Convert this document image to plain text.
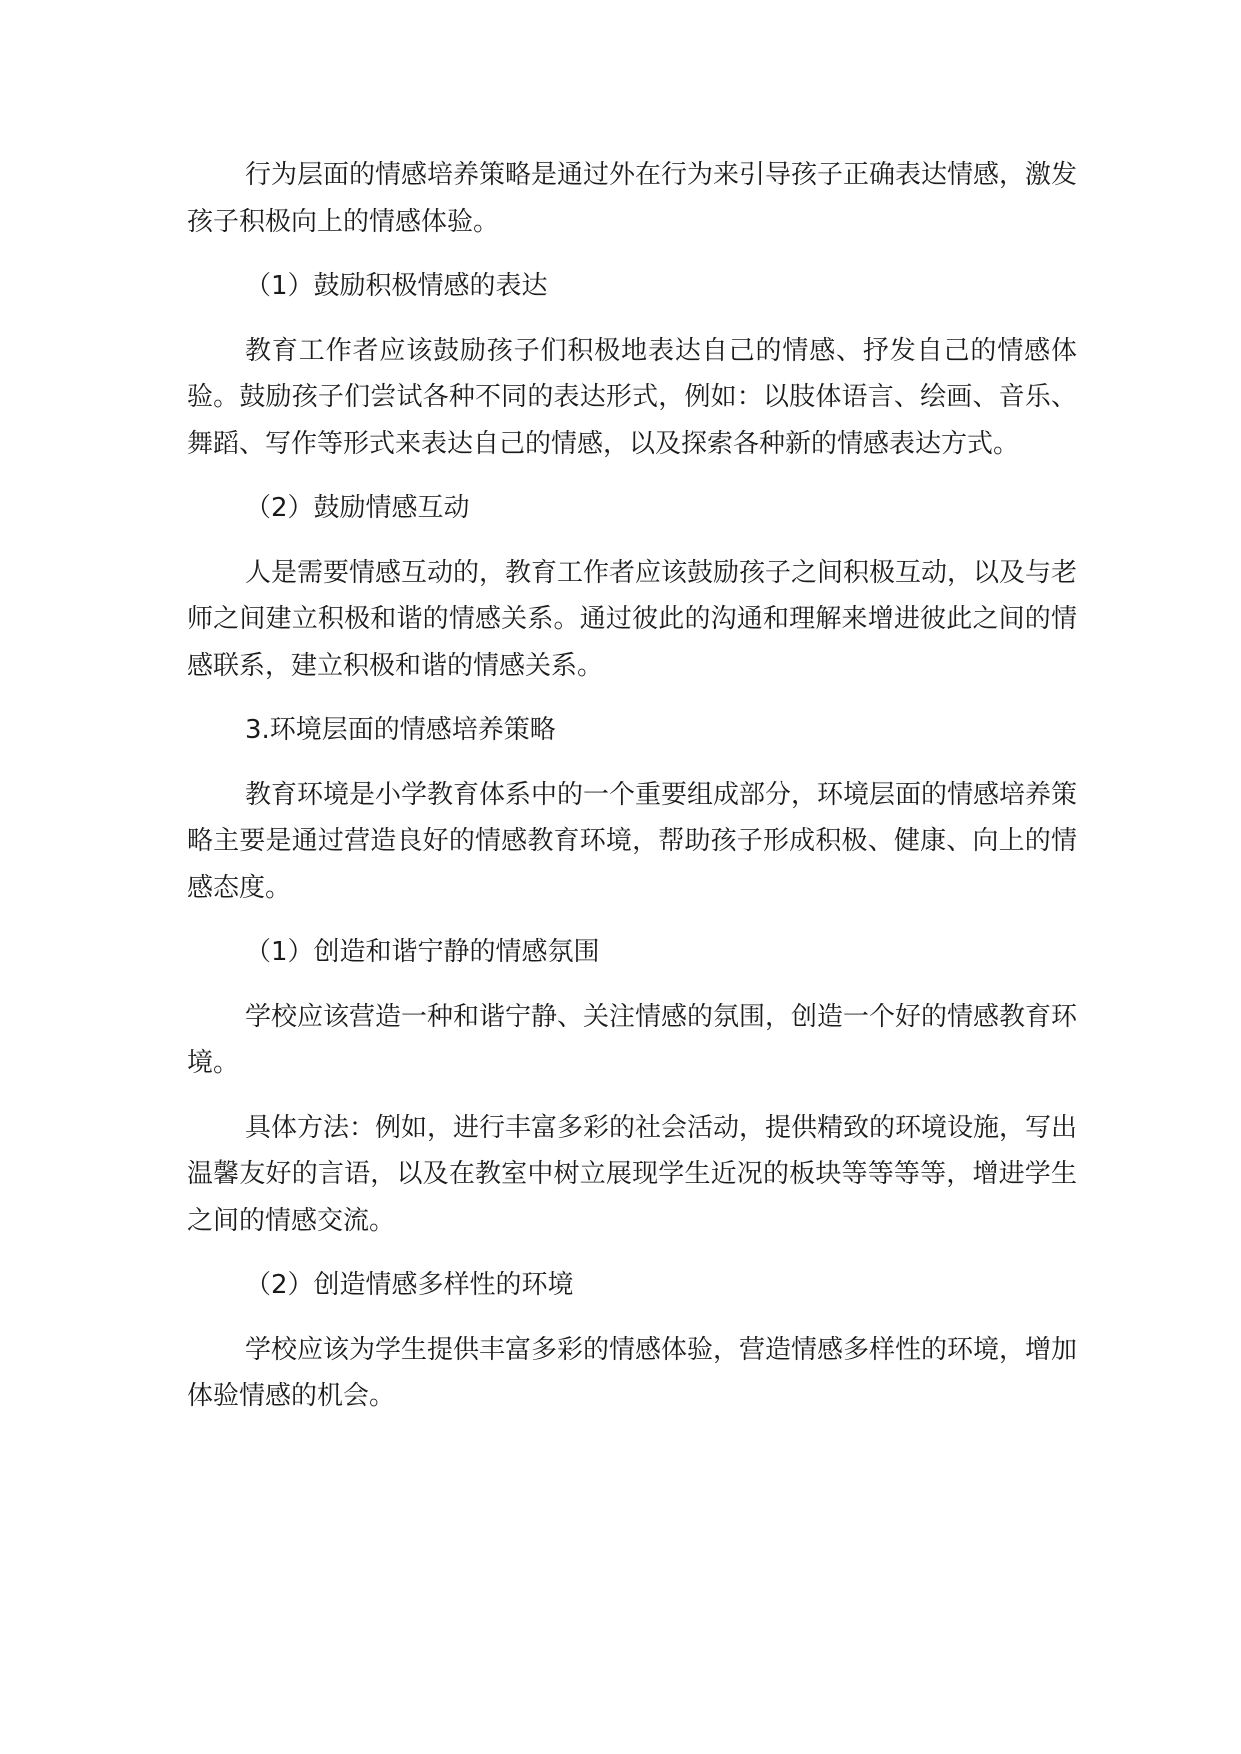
行为层面的情感培养策略是通过外在行为来引导孩子正确表达情感，激发孩子积极向上的情感体验。

（1）鼓励积极情感的表达

教育工作者应该鼓励孩子们积极地表达自己的情感、抒发自己的情感体验。鼓励孩子们尝试各种不同的表达形式，例如：以肢体语言、绘画、音乐、舞蹈、写作等形式来表达自己的情感，以及探索各种新的情感表达方式。

（2）鼓励情感互动

人是需要情感互动的，教育工作者应该鼓励孩子之间积极互动，以及与老师之间建立积极和谐的情感关系。通过彼此的沟通和理解来增进彼此之间的情感联系，建立积极和谐的情感关系。

3.环境层面的情感培养策略

教育环境是小学教育体系中的一个重要组成部分，环境层面的情感培养策略主要是通过营造良好的情感教育环境，帮助孩子形成积极、健康、向上的情感态度。

（1）创造和谐宁静的情感氛围

学校应该营造一种和谐宁静、关注情感的氛围，创造一个好的情感教育环境。

具体方法：例如，进行丰富多彩的社会活动，提供精致的环境设施，写出温馨友好的言语，以及在教室中树立展现学生近况的板块等等等等，增进学生之间的情感交流。

（2）创造情感多样性的环境

学校应该为学生提供丰富多彩的情感体验，营造情感多样性的环境，增加体验情感的机会。
